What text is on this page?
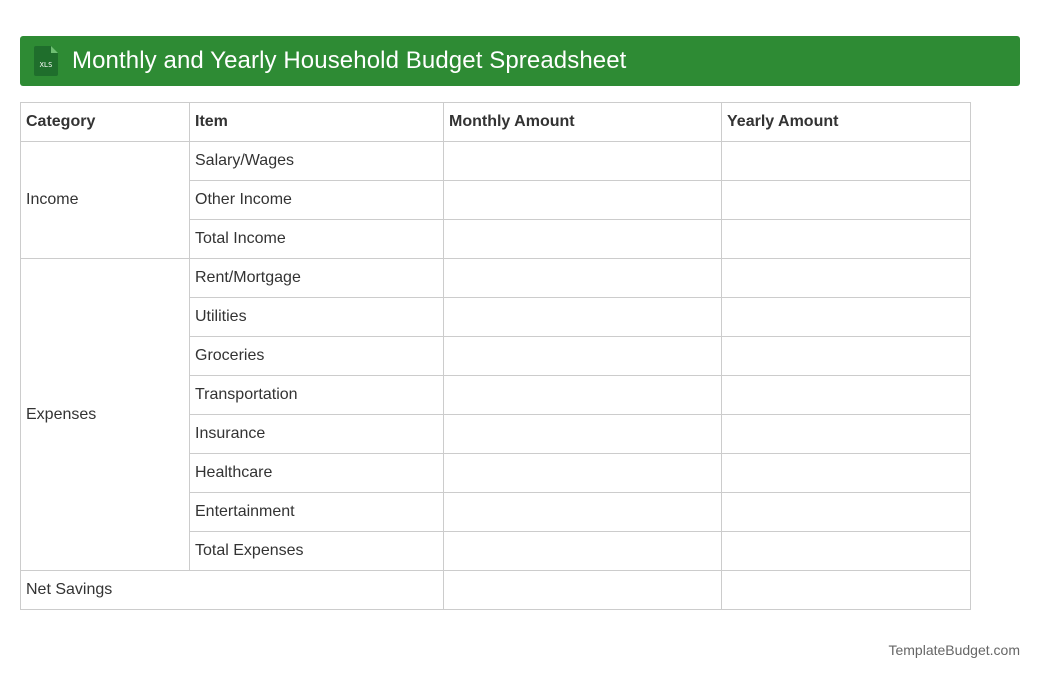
XLS Monthly and Yearly Household Budget Spreadsheet
Category	Item	Monthly Amount	Yearly Amount
Income	Salary/Wages		
	Other Income		
	Total Income		
Expenses	Rent/Mortgage		
	Utilities		
	Groceries		
	Transportation		
	Insurance		
	Healthcare		
	Entertainment		
	Total Expenses		
Net Savings			
TemplateBudget.com
